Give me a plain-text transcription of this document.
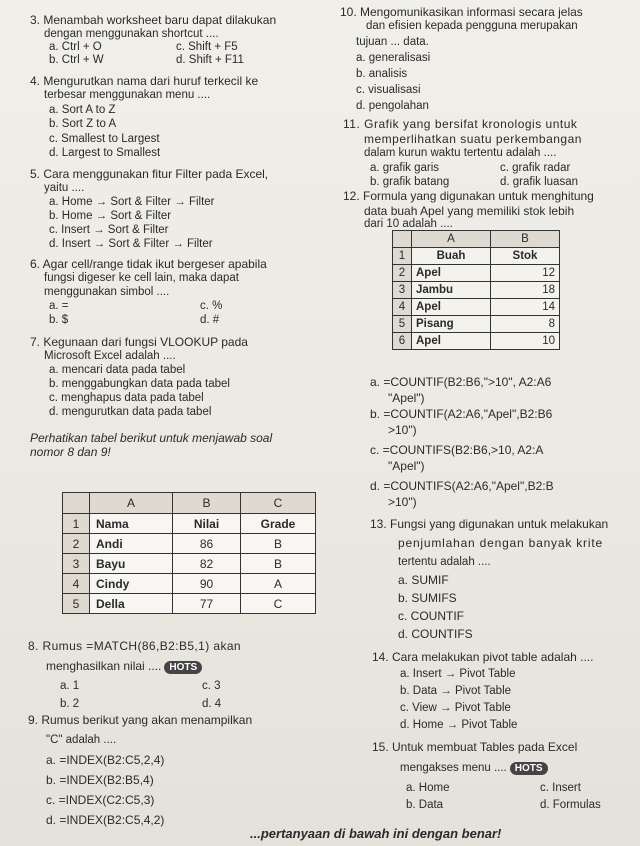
3. Menambah worksheet baru dapat dilakukan
dengan menggunakan shortcut ....
a. Ctrl + O	c. Shift + F5
b. Ctrl + W	d. Shift + F11
4. Mengurutkan nama dari huruf terkecil ke
terbesar menggunakan menu ....
a. Sort A to Z
b. Sort Z to A
c. Smallest to Largest
d. Largest to Smallest
5. Cara menggunakan fitur Filter pada Excel,
yaitu ....
a. Home → Sort & Filter → Filter
b. Home → Sort & Filter
c. Insert → Sort & Filter
d. Insert → Sort & Filter → Filter
6. Agar cell/range tidak ikut bergeser apabila
fungsi digeser ke cell lain, maka dapat
menggunakan simbol ....
a. =	c. %
b. $	d. #
7. Kegunaan dari fungsi VLOOKUP pada
Microsoft Excel adalah ....
a. mencari data pada tabel
b. menggabungkan data pada tabel
c. menghapus data pada tabel
d. mengurutkan data pada tabel
Perhatikan tabel berikut untuk menjawab soal
nomor 8 dan 9!
	A	B	C
1	Nama	Nilai	Grade
2	Andi	86	B
3	Bayu	82	B
4	Cindy	90	A
5	Della	77	C
8. Rumus =MATCH(86,B2:B5,1) akan
menghasilkan nilai .... HOTS
a. 1	c. 3
b. 2	d. 4
9. Rumus berikut yang akan menampilkan
"C" adalah ....
a. =INDEX(B2:C5,2,4)
b. =INDEX(B2:B5,4)
c. =INDEX(C2:C5,3)
d. =INDEX(B2:C5,4,2)
10. Mengomunikasikan informasi secara jelas
dan efisien kepada pengguna merupakan
tujuan ... data.
a. generalisasi
b. analisis
c. visualisasi
d. pengolahan
11. Grafik yang bersifat kronologis untuk
memperlihatkan suatu perkembangan
dalam kurun waktu tertentu adalah ....
a. grafik garis	c. grafik radar
b. grafik batang	d. grafik luasan
12. Formula yang digunakan untuk menghitung
data buah Apel yang memiliki stok lebih
dari 10 adalah ....
	A	B
1	Buah	Stok
2	Apel	12
3	Jambu	18
4	Apel	14
5	Pisang	8
6	Apel	10
a. =COUNTIF(B2:B6,">10", A2:A6
"Apel")
b. =COUNTIF(A2:A6,"Apel",B2:B6
>10")
c. =COUNTIFS(B2:B6,>10, A2:A
"Apel")
d. =COUNTIFS(A2:A6,"Apel",B2:B
>10")
13. Fungsi yang digunakan untuk melakukan
penjumlahan dengan banyak krite
tertentu adalah ....
a. SUMIF
b. SUMIFS
c. COUNTIF
d. COUNTIFS
14. Cara melakukan pivot table adalah ....
a. Insert → Pivot Table
b. Data → Pivot Table
c. View → Pivot Table
d. Home → Pivot Table
15. Untuk membuat Tables pada Excel
mengakses menu .... HOTS
a. Home	c. Insert
b. Data	d. Formulas
...pertanyaan di bawah ini dengan benar!
